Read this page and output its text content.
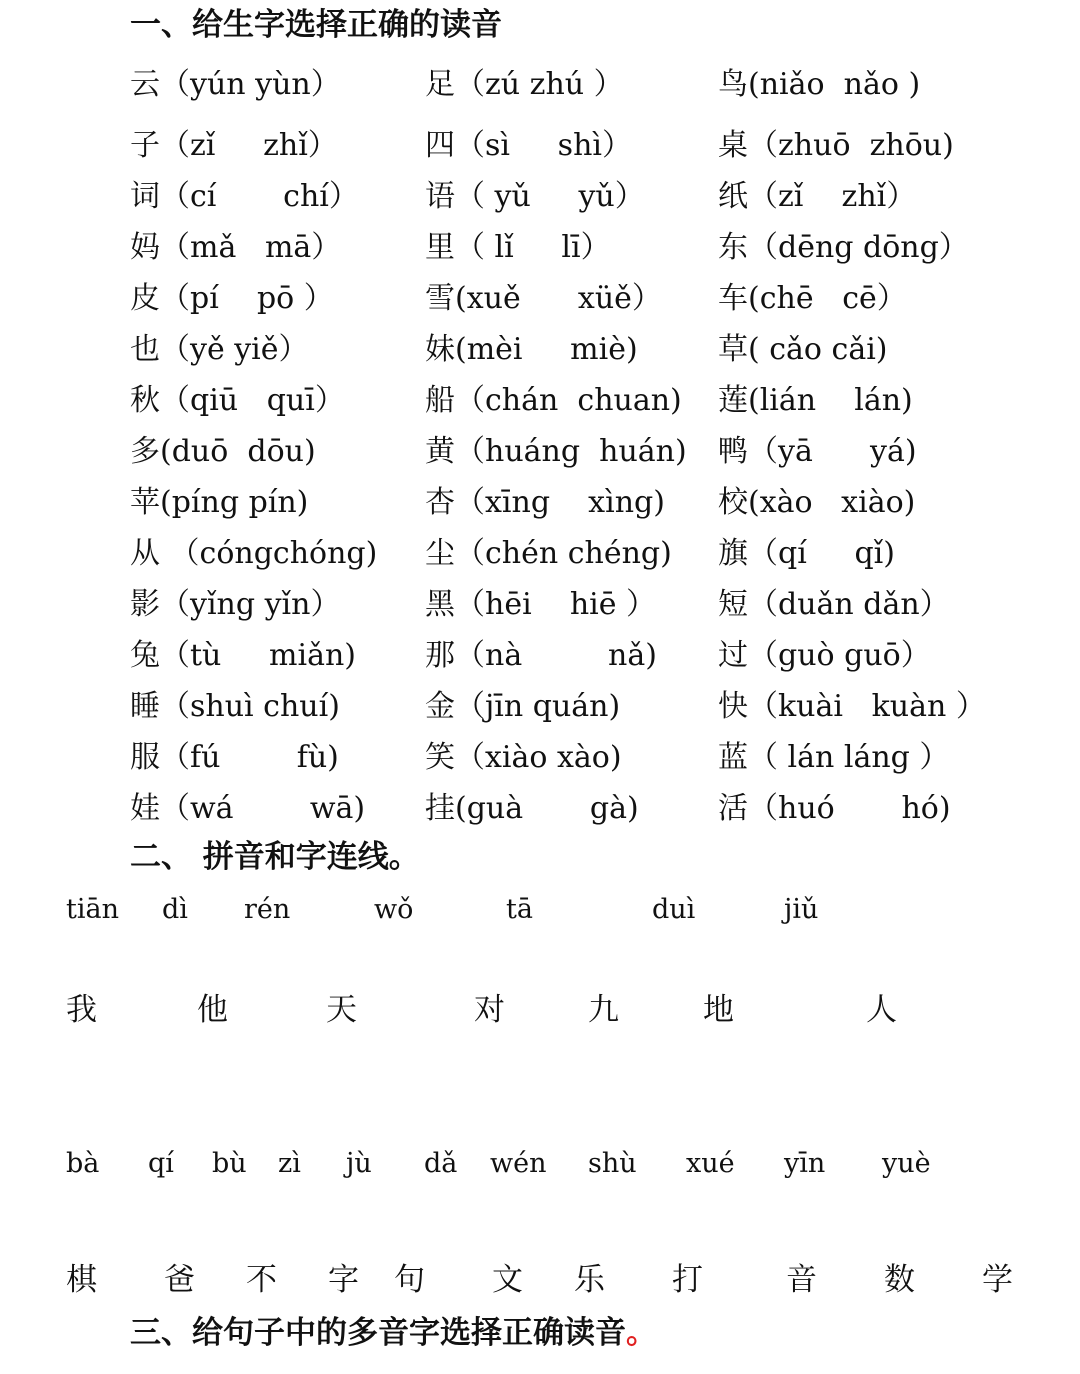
一、给生字选择正确的读音
云（yún yùn）	足（zú zhú ）	鸟(niǎo  nǎo )
子（zǐ     zhǐ）	四（sì     shì）	桌（zhuō  zhōu)
词（cí       chí） 语（ yǔ     yǔ） 纸（zǐ    zhǐ）
妈（mǎ   mā）	里（ lǐ     lī）	东（dēng dōng）
皮（pí    pō ）	雪(xuě      xüě） 车(chē   cē）
也（yě yiě）	妹(mèi     miè)	草( cǎo cǎi)
秋（qiū   quī）	船（chán  chuan) 莲(lián    lán)
多(duō  dōu)	黄（huáng  huán) 鸭（yā      yá)
苹(píng pín)	杏（xīng    xìng) 校(xào   xiào)
从 （cóngchóng) 尘（chén chéng) 旗（qí     qǐ)
影（yǐng yǐn）	黑（hēi    hiē ） 短（duǎn dǎn）
兔（tù     miǎn) 那（nà         nǎ) 过（guò guō）
睡（shuì chuí)	金（jīn quán)	快（kuài   kuàn ）
服（fú        fù)	笑（xiào xào)	蓝（ lán láng ）
娃（wá        wā) 挂(guà       gà)	活（huó       hó)
二、 拼音和字连线。
tiān dì rén	wǒ	tā	duì	jiǔ
我	他	天	对	九	地	人
bà qí bù zì jù dǎ wén shù xué yīn yuè
棋 爸 不 字 句 文 乐 打	音 数 学
三、给句子中的多音字选择正确读音。
